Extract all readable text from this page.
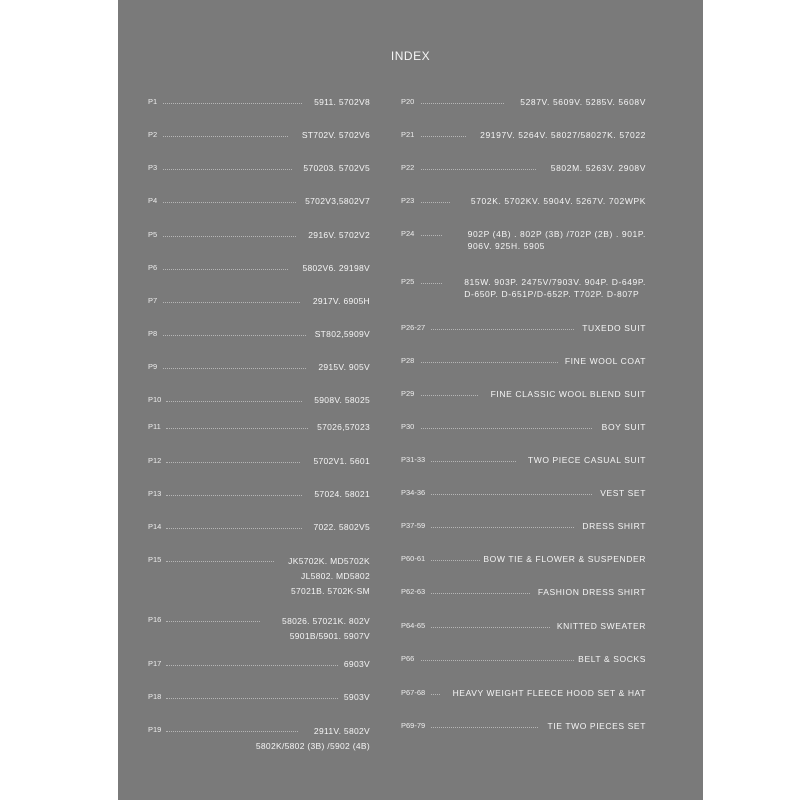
INDEX
P1	5911. 5702V8
P2	ST702V. 5702V6
P3	570203. 5702V5
P4	5702V3,5802V7
P5	2916V. 5702V2
P6	5802V6. 29198V
P7	2917V. 6905H
P8	ST802,5909V
P9	2915V. 905V
P10	5908V. 58025
P11	57026,57023
P12	5702V1. 5601
P13	57024. 58021
P14	7022. 5802V5
P15	JK5702K. MD5702K
JL5802. MD5802
57021B. 5702K-SM
P16	58026. 57021K. 802V
5901B/5901. 5907V
P17	6903V
P18	5903V
P19	2911V. 5802V
5802K/5802 (3B) /5902 (4B)
P20	5287V. 5609V. 5285V. 5608V
P21	29197V. 5264V. 58027/58027K. 57022
P22	5802M. 5263V. 2908V
P23	5702K. 5702KV. 5904V. 5267V. 702WPK
P24	902P (4B) . 802P (3B) /702P (2B) . 901P.
906V. 925H. 5905
P25	815W. 903P. 2475V/7903V. 904P. D-649P.
D-650P. D-651P/D-652P. T702P. D-807P
P26-27	TUXEDO SUIT
P28	FINE WOOL COAT
P29	FINE CLASSIC WOOL BLEND SUIT
P30	BOY SUIT
P31-33	TWO PIECE CASUAL SUIT
P34-36	VEST SET
P37-59	DRESS SHIRT
P60-61	BOW TIE & FLOWER & SUSPENDER
P62-63	FASHION DRESS SHIRT
P64-65	KNITTED SWEATER
P66	BELT & SOCKS
P67-68	HEAVY WEIGHT FLEECE HOOD SET & HAT
P69-79	TIE TWO PIECES SET
